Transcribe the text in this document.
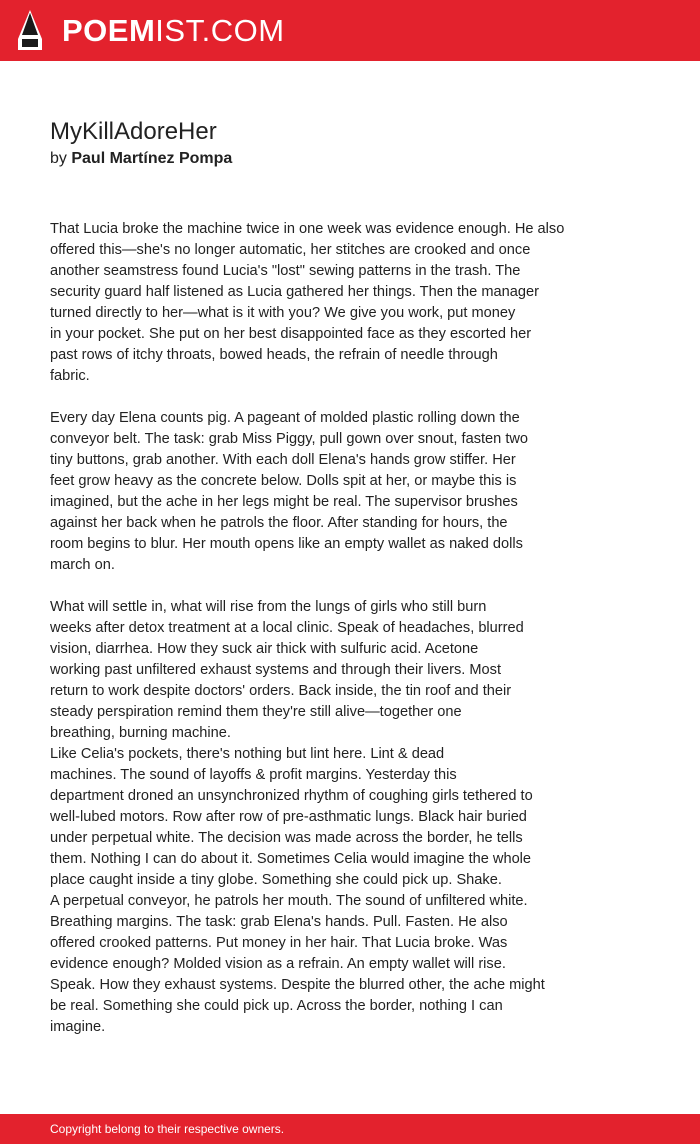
POEMIST.COM
MyKillAdoreHer
by Paul Martínez Pompa
That Lucia broke the machine twice in one week was evidence enough. He also
offered this—she's no longer automatic, her stitches are crooked and once
another seamstress found Lucia's "lost" sewing patterns in the trash. The
security guard half listened as Lucia gathered her things. Then the manager
turned directly to her—what is it with you? We give you work, put money
in your pocket. She put on her best disappointed face as they escorted her
past rows of itchy throats, bowed heads, the refrain of needle through
fabric.
Every day Elena counts pig. A pageant of molded plastic rolling down the
conveyor belt. The task: grab Miss Piggy, pull gown over snout, fasten two
tiny buttons, grab another. With each doll Elena's hands grow stiffer. Her
feet grow heavy as the concrete below. Dolls spit at her, or maybe this is
imagined, but the ache in her legs might be real. The supervisor brushes
against her back when he patrols the floor. After standing for hours, the
room begins to blur. Her mouth opens like an empty wallet as naked dolls
march on.
What will settle in, what will rise from the lungs of girls who still burn
weeks after detox treatment at a local clinic. Speak of headaches, blurred
vision, diarrhea. How they suck air thick with sulfuric acid. Acetone
working past unfiltered exhaust systems and through their livers. Most
return to work despite doctors' orders. Back inside, the tin roof and their
steady perspiration remind them they're still alive—together one
breathing, burning machine.
Like Celia's pockets, there's nothing but lint here. Lint & dead
machines. The sound of layoffs & profit margins. Yesterday this
department droned an unsynchronized rhythm of coughing girls tethered to
well-lubed motors. Row after row of pre-asthmatic lungs. Black hair buried
under perpetual white. The decision was made across the border, he tells
them. Nothing I can do about it. Sometimes Celia would imagine the whole
place caught inside a tiny globe. Something she could pick up. Shake.
A perpetual conveyor, he patrols her mouth. The sound of unfiltered white.
Breathing margins. The task: grab Elena's hands. Pull. Fasten. He also
offered crooked patterns. Put money in her hair. That Lucia broke. Was
evidence enough? Molded vision as a refrain. An empty wallet will rise.
Speak. How they exhaust systems. Despite the blurred other, the ache might
be real. Something she could pick up. Across the border, nothing I can
imagine.
Copyright belong to their respective owners.
